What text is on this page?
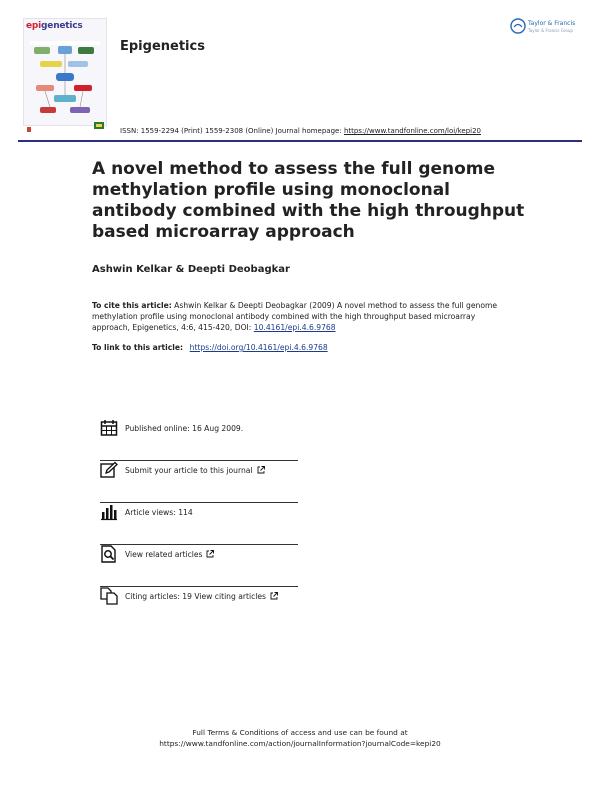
epigenetics
Epigenetics
ISSN: 1559-2294 (Print) 1559-2308 (Online) Journal homepage: https://www.tandfonline.com/loi/kepi20
Taylor & Francis
Taylor & Francis Group
A novel method to assess the full genome methylation profile using monoclonal antibody combined with the high throughput based microarray approach
Ashwin Kelkar & Deepti Deobagkar
To cite this article: Ashwin Kelkar & Deepti Deobagkar (2009) A novel method to assess the full genome methylation profile using monoclonal antibody combined with the high throughput based microarray approach, Epigenetics, 4:6, 415-420, DOI: 10.4161/epi.4.6.9768
To link to this article: https://doi.org/10.4161/epi.4.6.9768
Published online: 16 Aug 2009.
Submit your article to this journal
Article views: 114
View related articles
Citing articles: 19 View citing articles
Full Terms & Conditions of access and use can be found at
https://www.tandfonline.com/action/journalInformation?journalCode=kepi20
